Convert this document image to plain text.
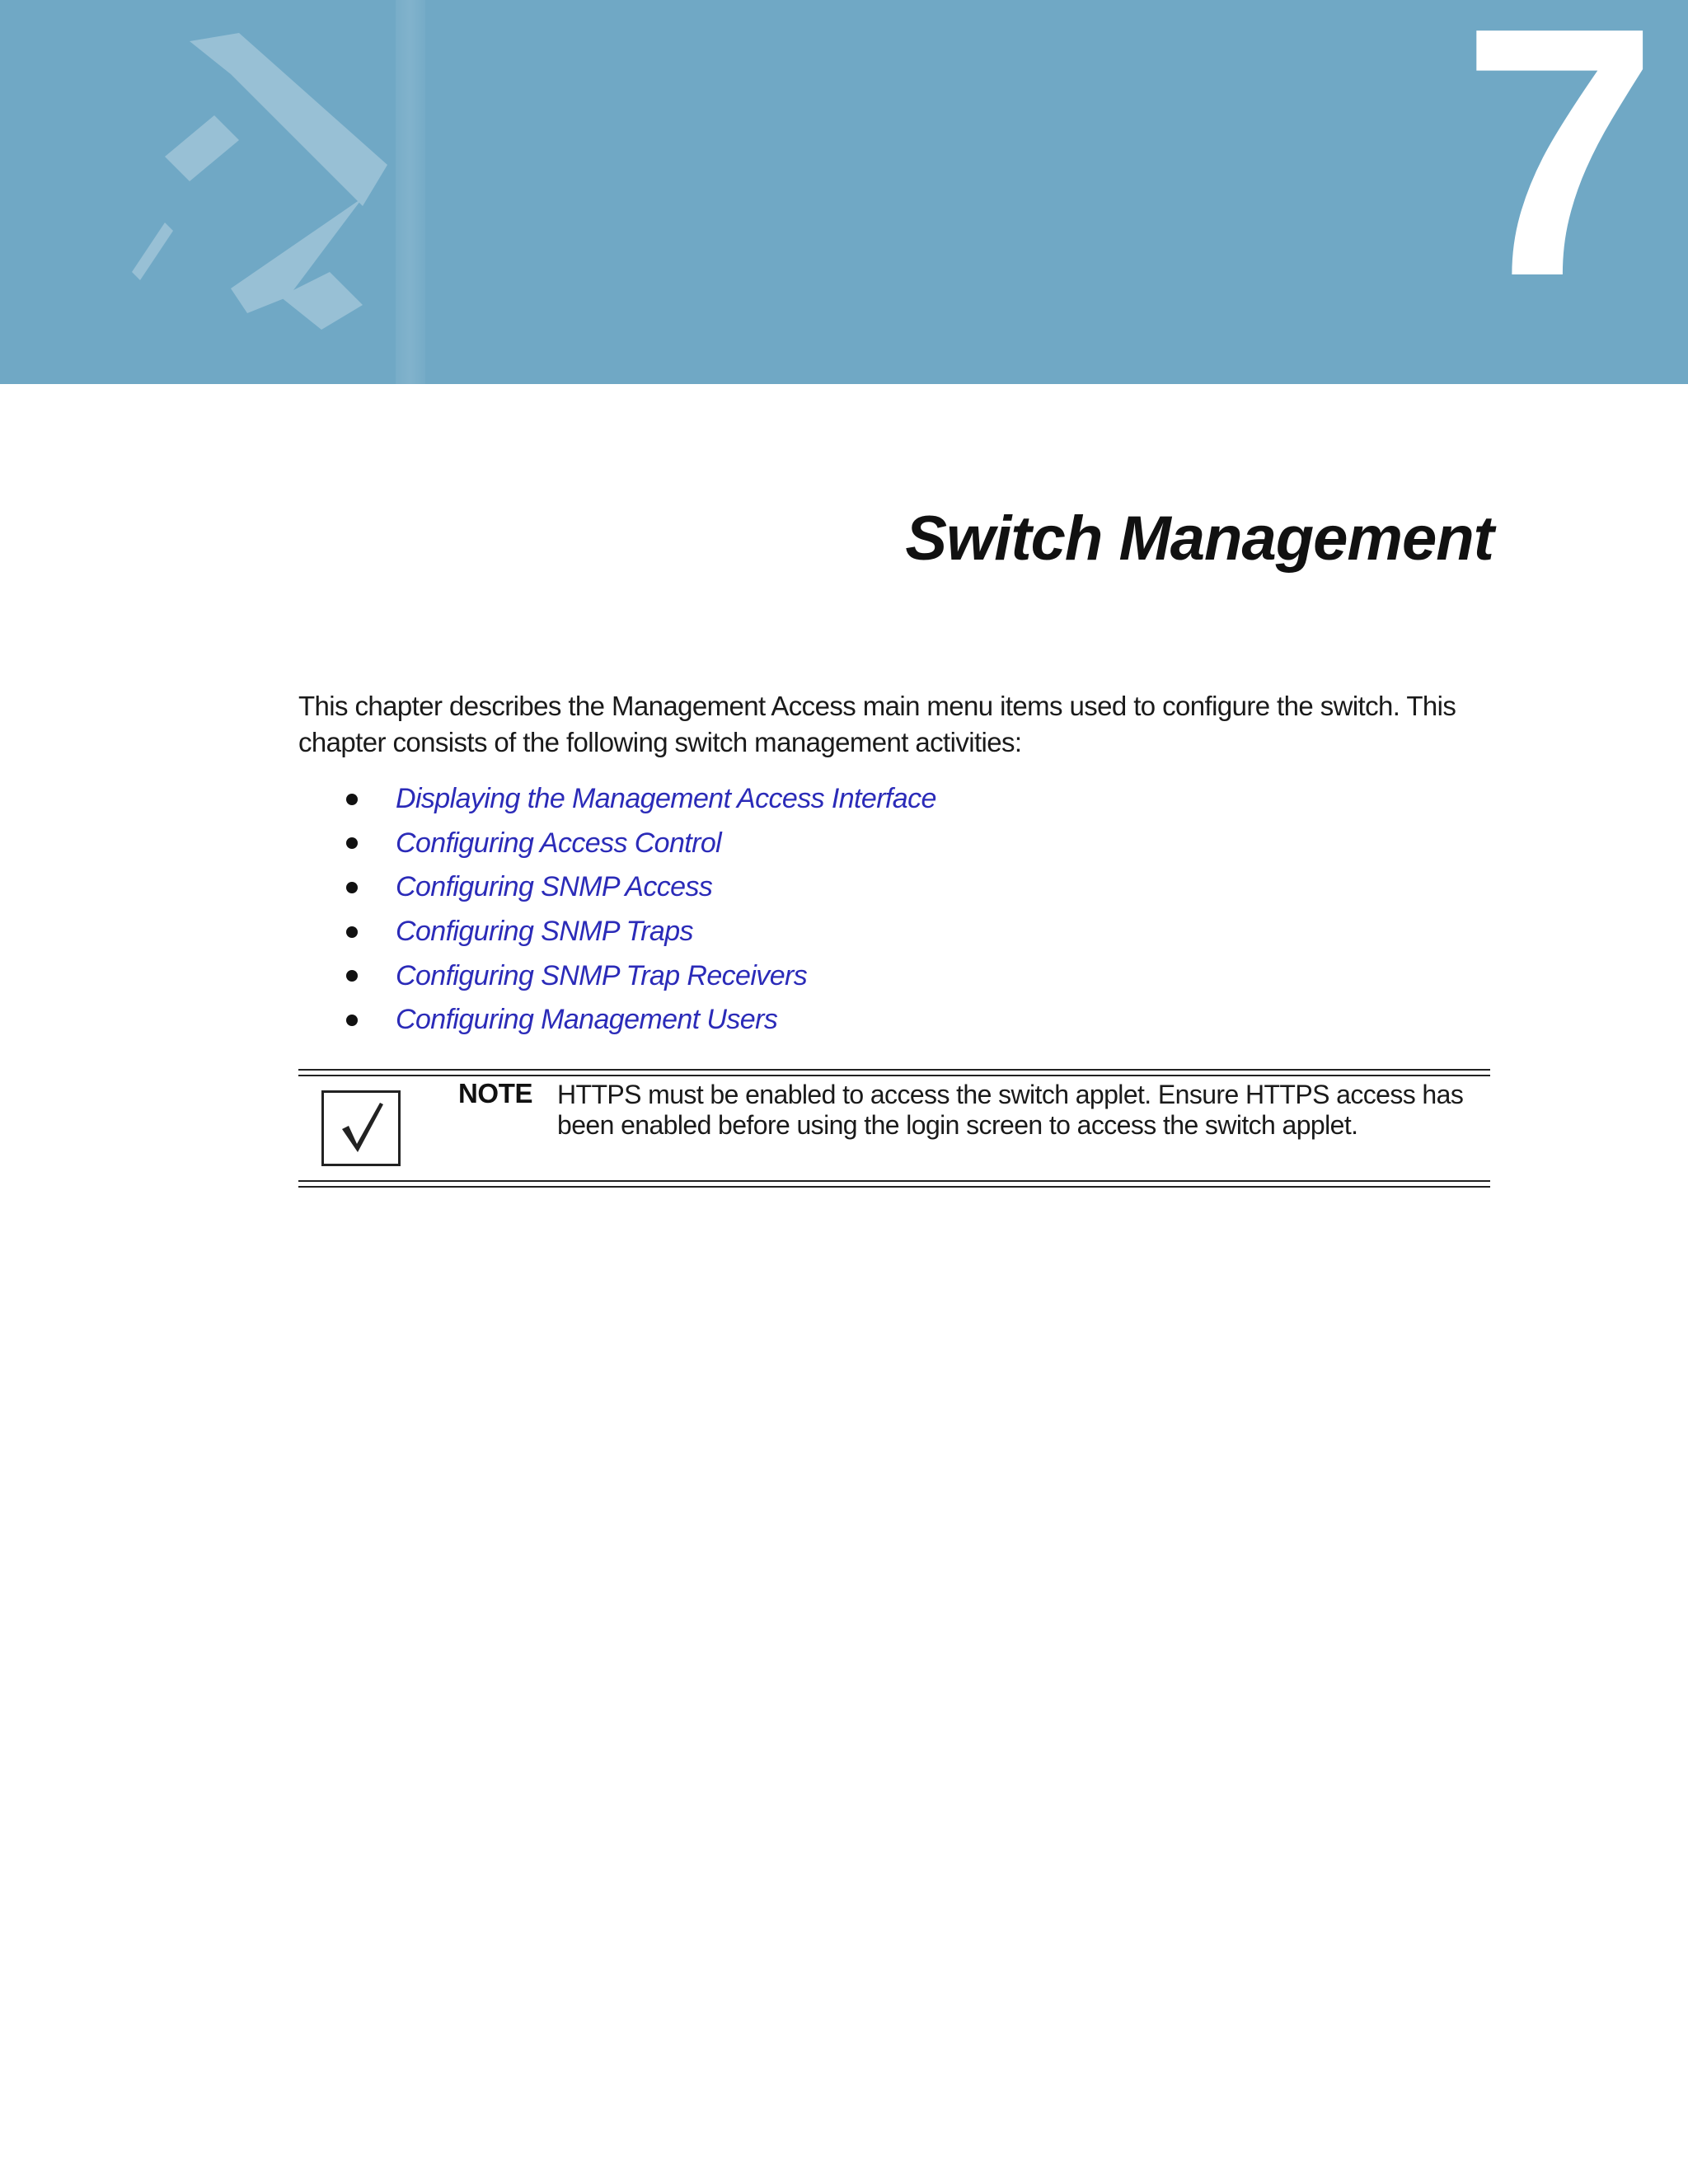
7
Switch Management

This chapter describes the Management Access main menu items used to configure the switch. This chapter consists of the following switch management activities:

Displaying the Management Access Interface
Configuring Access Control
Configuring SNMP Access
Configuring SNMP Traps
Configuring SNMP Trap Receivers
Configuring Management Users
NOTE HTTPS must be enabled to access the switch applet. Ensure HTTPS access has been enabled before using the login screen to access the switch applet.
